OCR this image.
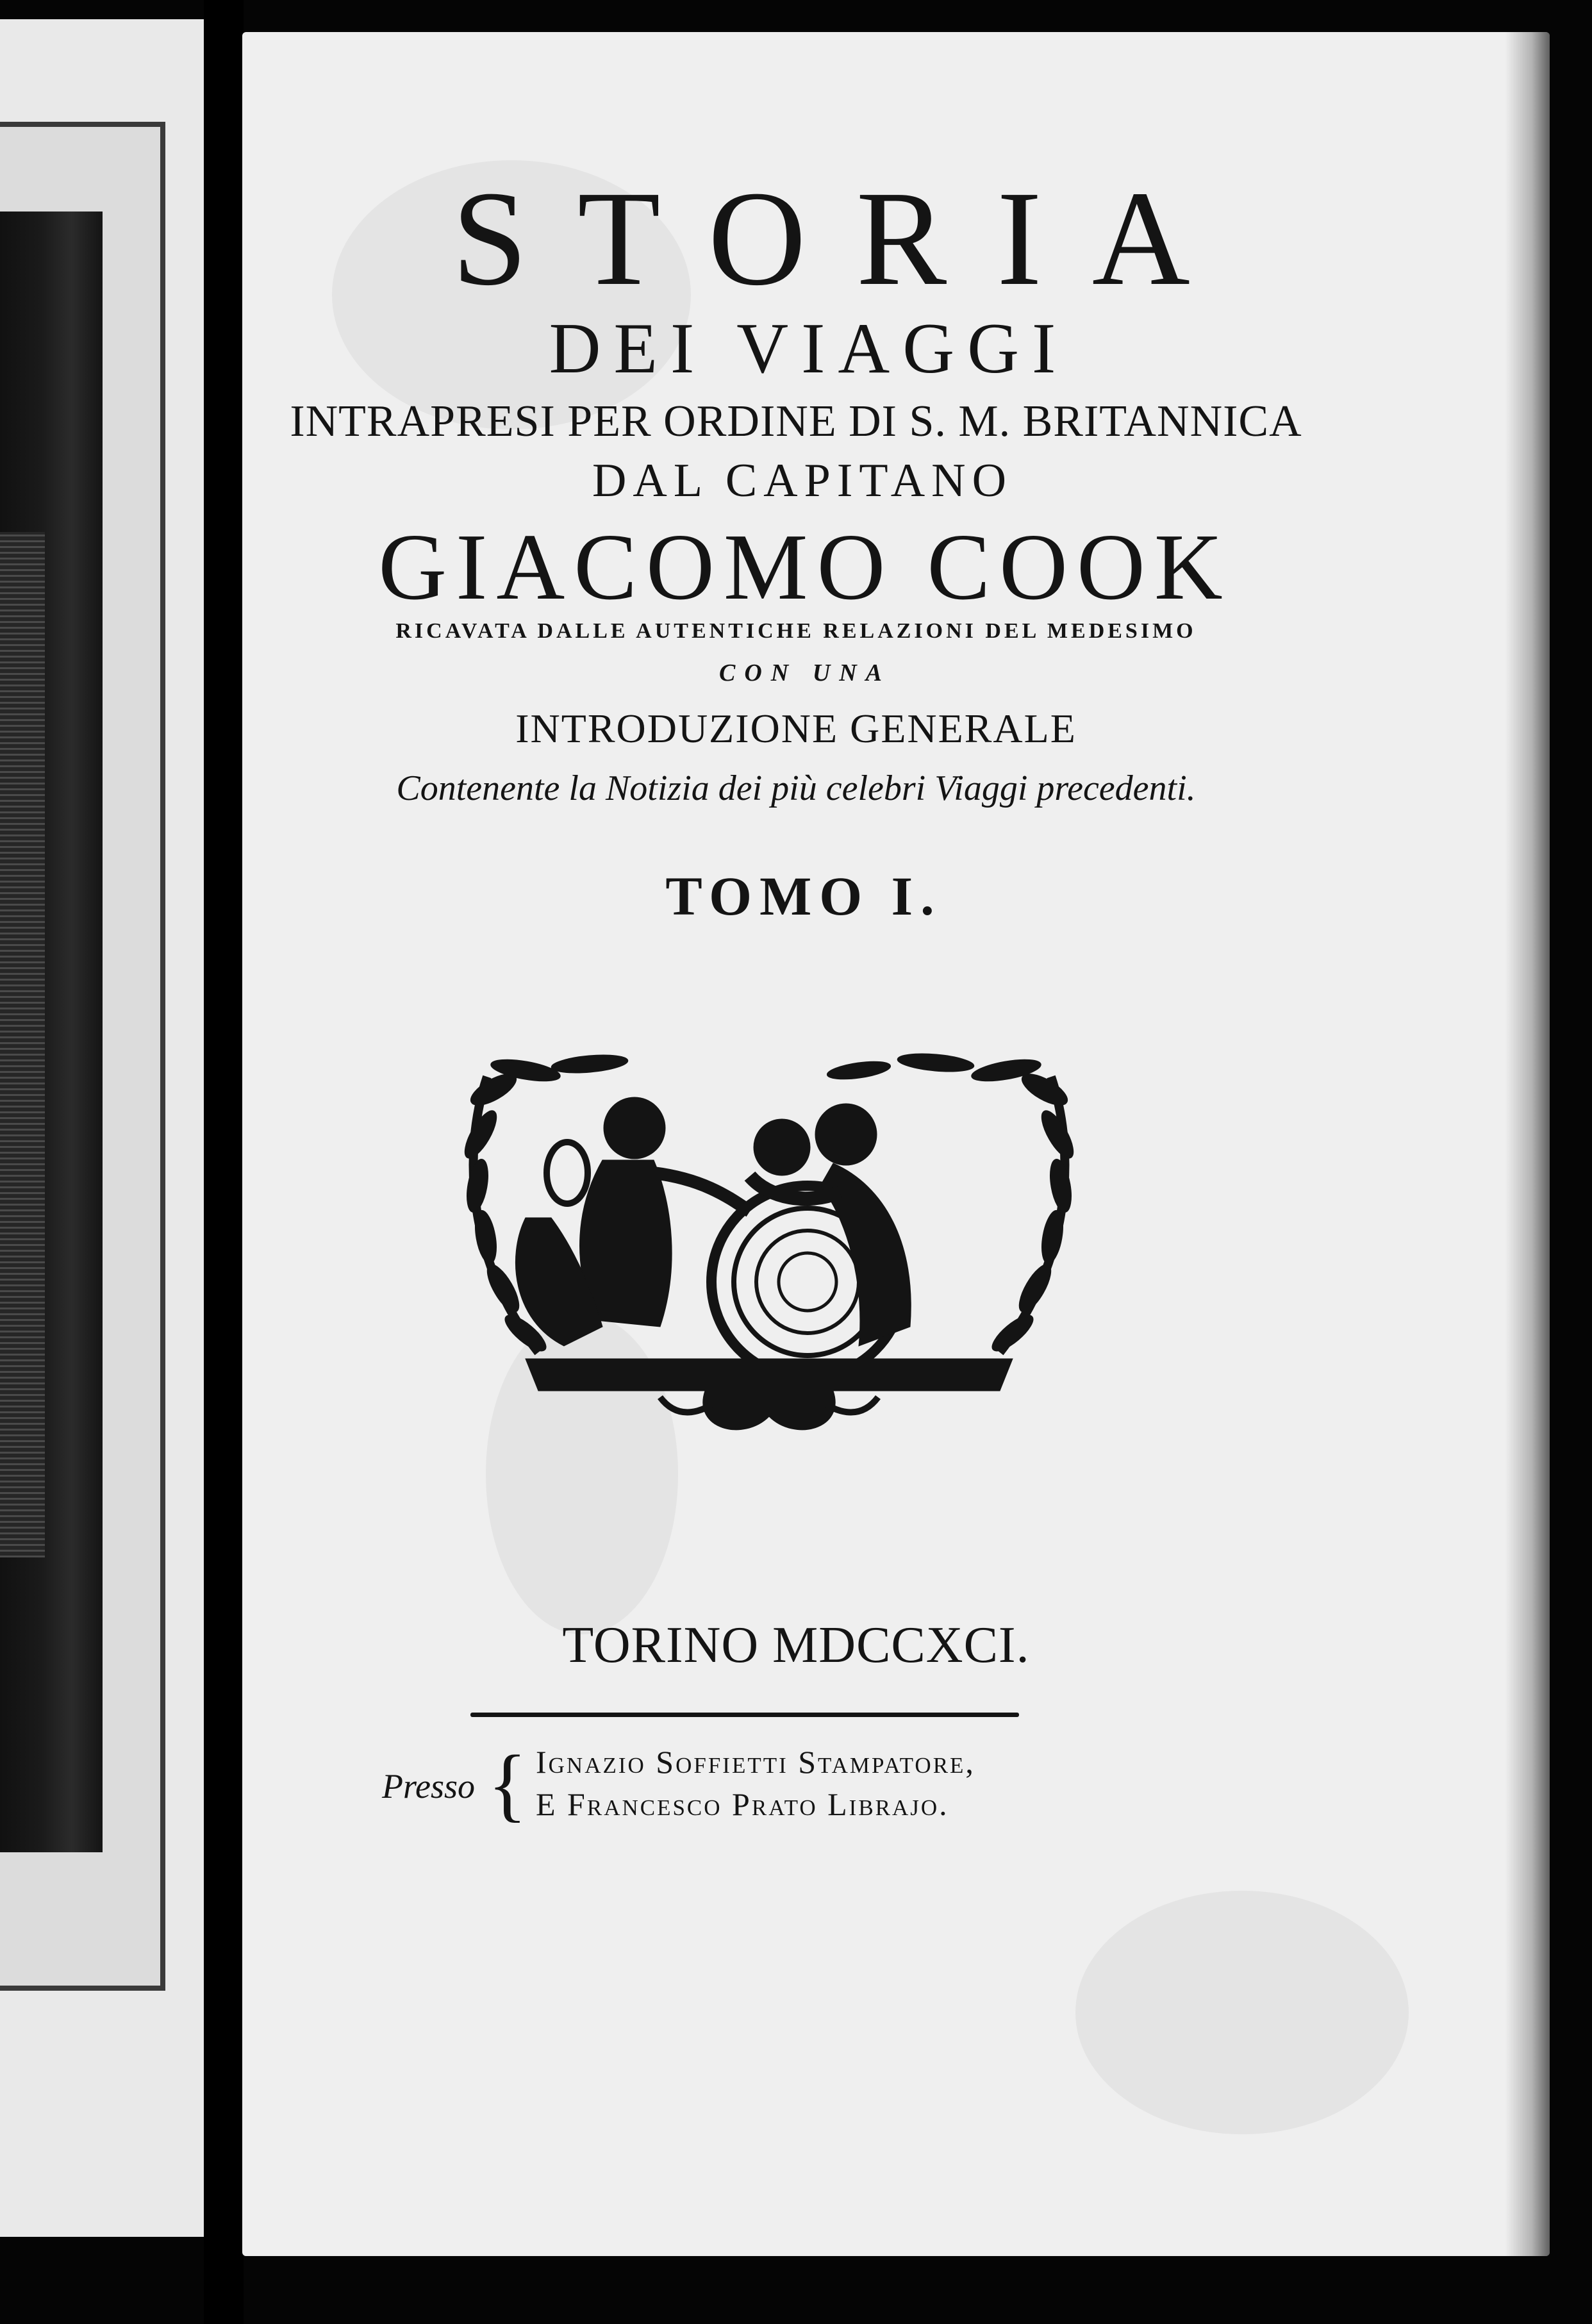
STORIA
DEI VIAGGI
INTRAPRESI PER ORDINE DI S. M. BRITANNICA
DAL CAPITANO
GIACOMO COOK
RICAVATA DALLE AUTENTICHE RELAZIONI DEL MEDESIMO
CON UNA
INTRODUZIONE GENERALE
Contenente la Notizia dei più celebri Viaggi precedenti.
TOMO I.
TORINO MDCCXCI.
Presso { Ignazio Soffietti Stampatore,
E Francesco Prato Librajo.
